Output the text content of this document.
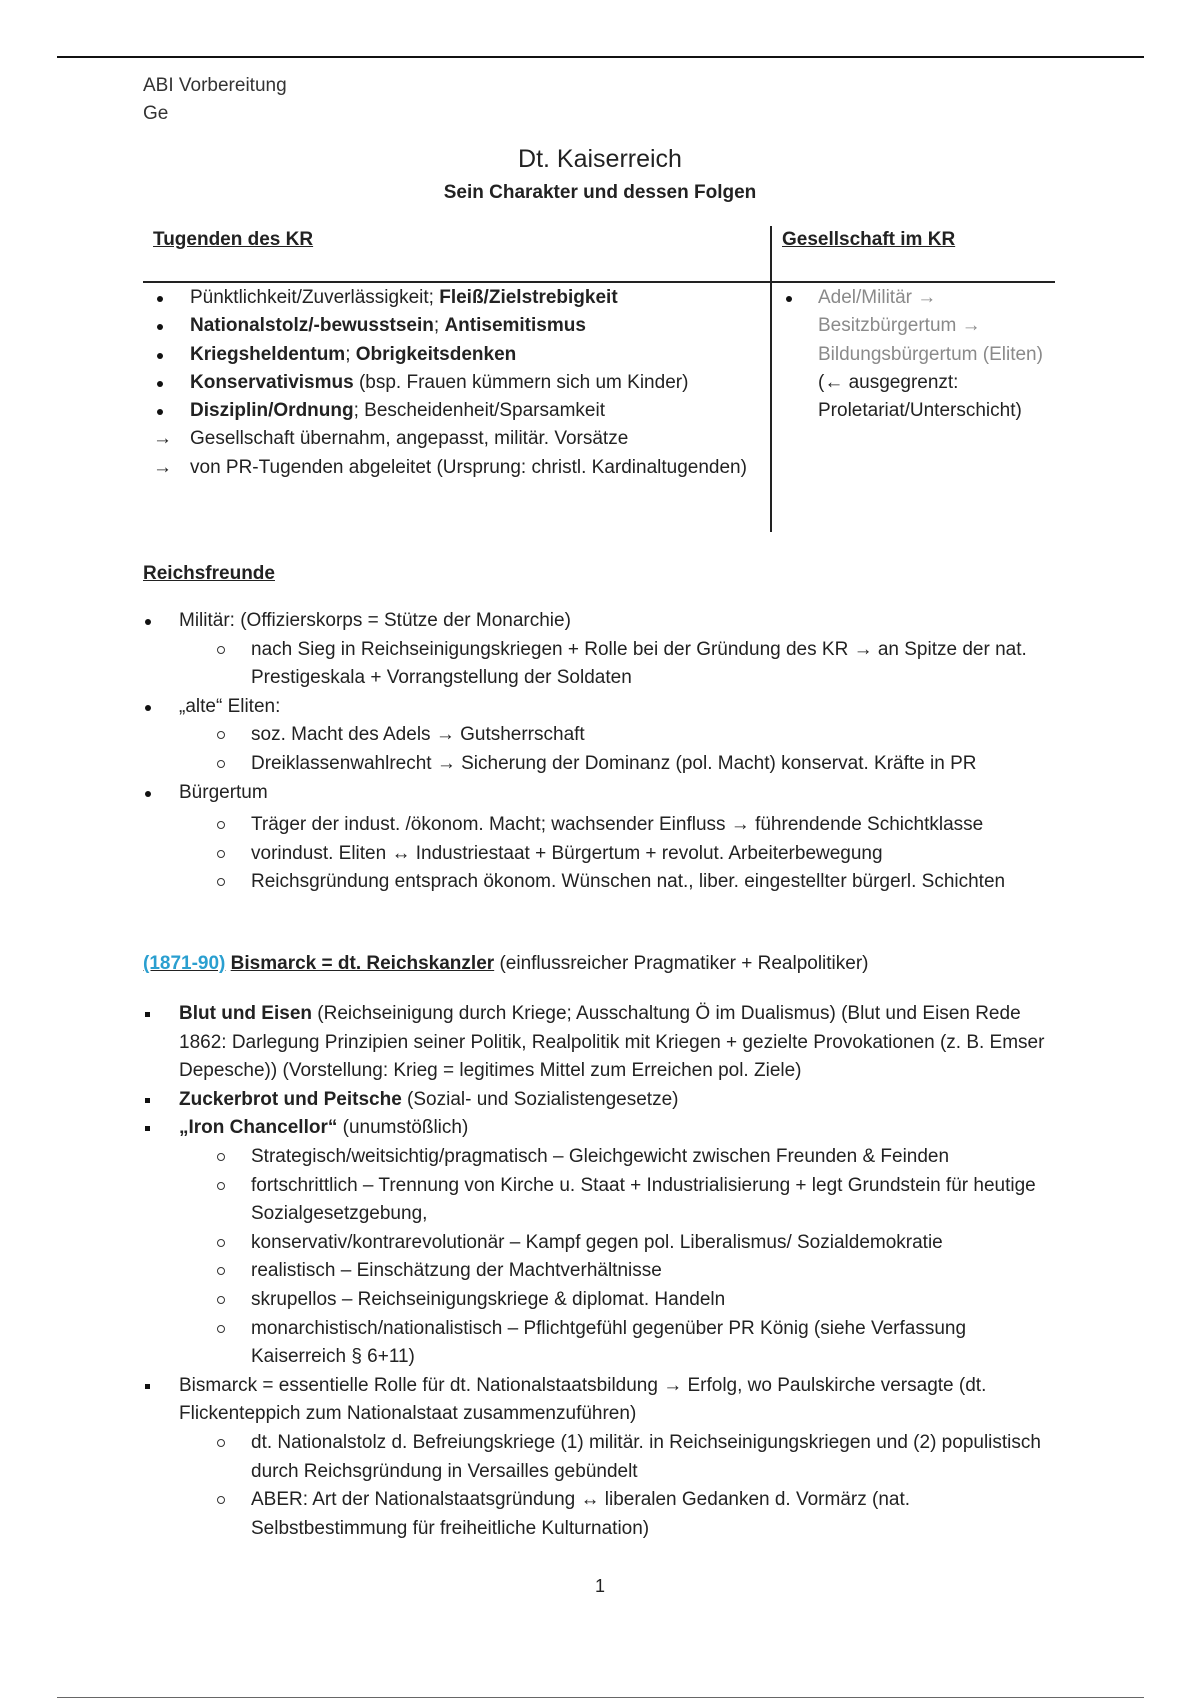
ABI Vorbereitung
Ge
Dt. Kaiserreich
Sein Charakter und dessen Folgen
Tugenden des KR	Gesellschaft im KR
Pünktlichkeit/Zuverlässigkeit; Fleiß/Zielstrebigkeit
Nationalstolz/-bewusstsein; Antisemitismus
Kriegsheldentum; Obrigkeitsdenken
Konservativismus (bsp. Frauen kümmern sich um Kinder)
Disziplin/Ordnung; Bescheidenheit/Sparsamkeit
→ Gesellschaft übernahm, angepasst, militär. Vorsätze
→ von PR-Tugenden abgeleitet (Ursprung: christl. Kardinaltugenden)
Adel/Militär → Besitzbürgertum → Bildungsbürgertum (Eliten) (← ausgegrenzt: Proletariat/Unterschicht)
Reichsfreunde
Militär: (Offizierskorps = Stütze der Monarchie)
nach Sieg in Reichseinigungskriegen + Rolle bei der Gründung des KR → an Spitze der nat. Prestigeskala + Vorrangstellung der Soldaten
„alte“ Eliten:
soz. Macht des Adels → Gutsherrschaft
Dreiklassenwahlrecht → Sicherung der Dominanz (pol. Macht) konservat. Kräfte in PR
Bürgertum
Träger der indust. /ökonom. Macht; wachsender Einfluss → führendende Schichtklasse
vorindust. Eliten ↔ Industriestaat + Bürgertum + revolut. Arbeiterbewegung
Reichsgründung entsprach ökonom. Wünschen nat., liber. eingestellter bürgerl. Schichten
(1871-90) Bismarck = dt. Reichskanzler (einflussreicher Pragmatiker + Realpolitiker)
Blut und Eisen (Reichseinigung durch Kriege; Ausschaltung Ö im Dualismus) (Blut und Eisen Rede 1862: Darlegung Prinzipien seiner Politik, Realpolitik mit Kriegen + gezielte Provokationen (z. B. Emser Depesche)) (Vorstellung: Krieg = legitimes Mittel zum Erreichen pol. Ziele)
Zuckerbrot und Peitsche (Sozial- und Sozialistengesetze)
„Iron Chancellor“ (unumstößlich)
Strategisch/weitsichtig/pragmatisch – Gleichgewicht zwischen Freunden & Feinden
fortschrittlich – Trennung von Kirche u. Staat + Industrialisierung + legt Grundstein für heutige Sozialgesetzgebung,
konservativ/kontrarevolutionär – Kampf gegen pol. Liberalismus/ Sozialdemokratie
realistisch – Einschätzung der Machtverhältnisse
skrupellos – Reichseinigungskriege & diplomat. Handeln
monarchistisch/nationalistisch – Pflichtgefühl gegenüber PR König (siehe Verfassung Kaiserreich § 6+11)
Bismarck = essentielle Rolle für dt. Nationalstaatsbildung → Erfolg, wo Paulskirche versagte (dt. Flickenteppich zum Nationalstaat zusammenzuführen)
dt. Nationalstolz d. Befreiungskriege (1) militär. in Reichseinigungskriegen und (2) populistisch durch Reichsgründung in Versailles gebündelt
ABER: Art der Nationalstaatsgründung ↔ liberalen Gedanken d. Vormärz (nat. Selbstbestimmung für freiheitliche Kulturnation)
1
